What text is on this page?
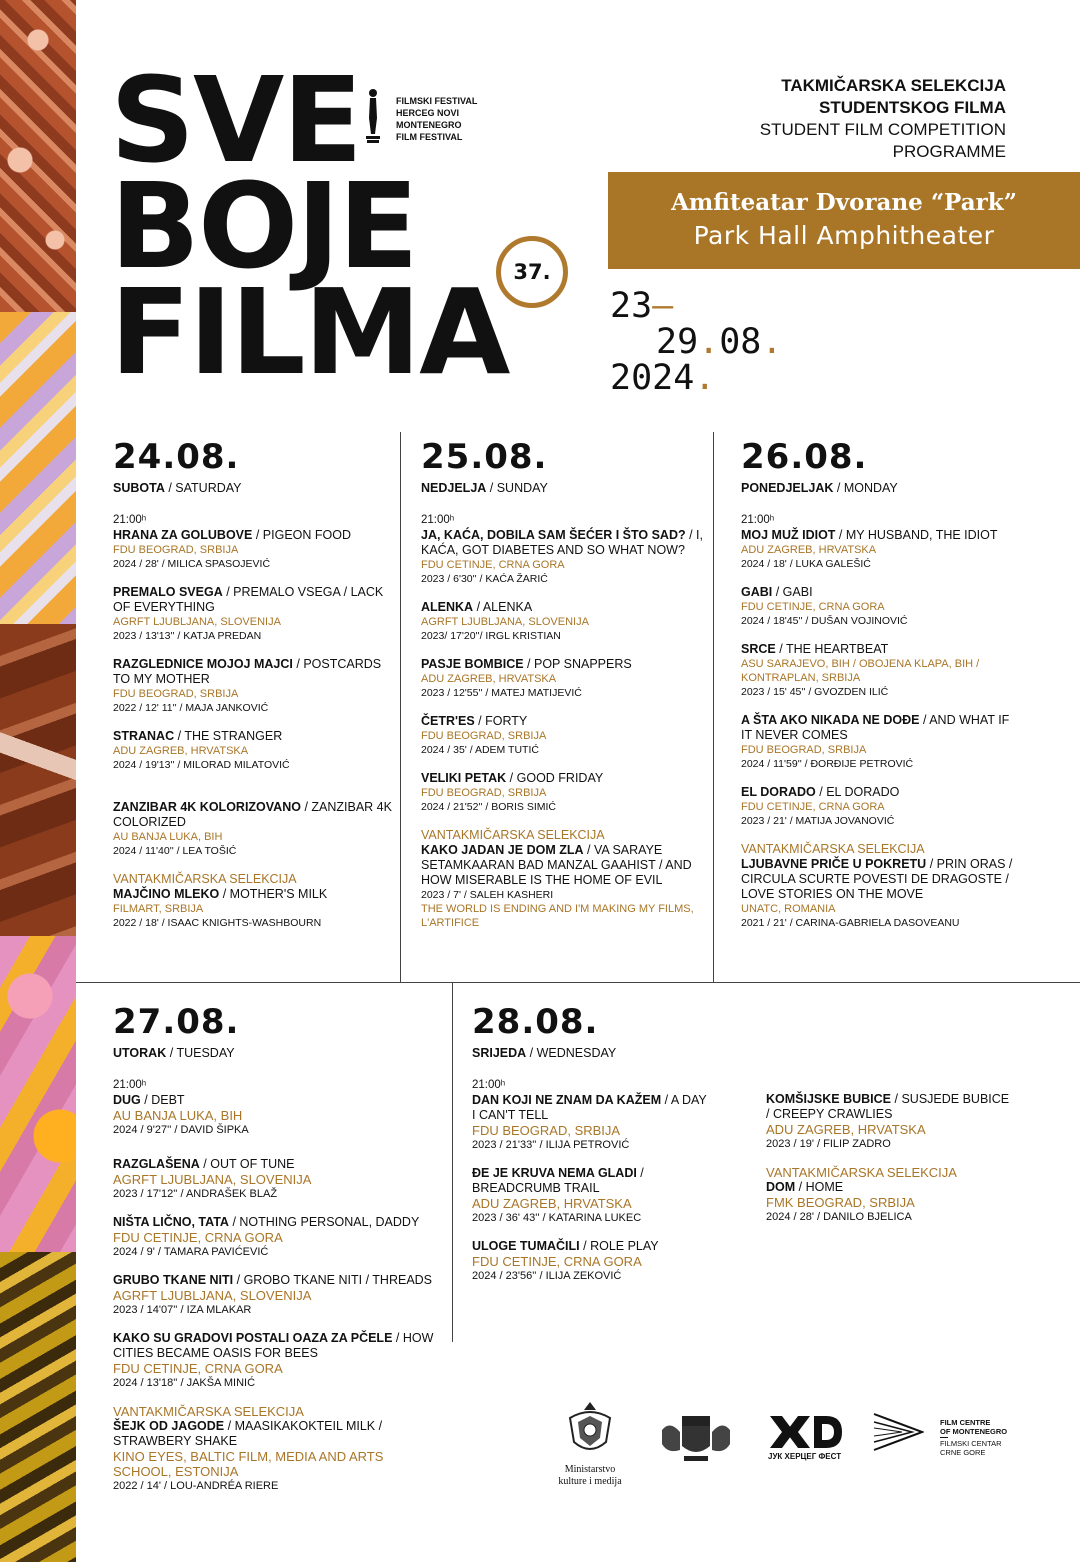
SVE
BOJE
FILMA
FILMSKI FESTIVAL
HERCEG NOVI
MONTENEGRO
FILM FESTIVAL
37.
TAKMIČARSKA SELEKCIJA
STUDENTSKOG FILMA
STUDENT FILM COMPETITION
PROGRAMME
Amfiteatar Dvorane “Park”
Park Hall Amphitheater
23–
29.08.
2024.
24.08.
SUBOTA / SATURDAY
21:00ʰ
HRANA ZA GOLUBOVE / PIGEON FOOD
FDU BEOGRAD, SRBIJA
2024 / 28' / MILICA SPASOJEVIĆ
PREMALO SVEGA / PREMALO VSEGA / LACK OF EVERYTHING
AGRFT LJUBLJANA, SLOVENIJA
2023 / 13'13'' / KATJA PREDAN
RAZGLEDNICE MOJOJ MAJCI / POSTCARDS TO MY MOTHER
FDU BEOGRAD, SRBIJA
2022 / 12' 11'' / MAJA JANKOVIĆ
STRANAC / THE STRANGER
ADU ZAGREB, HRVATSKA
2024 / 19'13'' / MILORAD MILATOVIĆ
ZANZIBAR 4K KOLORIZOVANO / ZANZIBAR 4K COLORIZED
AU BANJA LUKA, BIH
2024 / 11'40'' / LEA TOŠIĆ
VANTAKMIČARSKA SELEKCIJA
MAJČINO MLEKO / MOTHER'S MILK
FILMART, SRBIJA
2022 / 18' / ISAAC KNIGHTS-WASHBOURN
25.08.
NEDJELJA / SUNDAY
21:00ʰ
JA, KAĆA, DOBILA SAM ŠEĆER I ŠTO SAD? / I, KAĆA, GOT DIABETES AND SO WHAT NOW?
FDU CETINJE, CRNA GORA
2023 / 6'30'' / KAĆA ŽARIĆ
ALENKA / ALENKA
AGRFT LJUBLJANA, SLOVENIJA
2023/ 17'20''/ IRGL KRISTIAN
PASJE BOMBICE / POP SNAPPERS
ADU ZAGREB, HRVATSKA
2023 / 12'55'' / MATEJ MATIJEVIĆ
ČETR'ES / FORTY
FDU BEOGRAD, SRBIJA
2024 / 35' / ADEM TUTIĆ
VELIKI PETAK / GOOD FRIDAY
FDU BEOGRAD, SRBIJA
2024 / 21'52'' / BORIS SIMIĆ
VANTAKMIČARSKA SELEKCIJA
KAKO JADAN JE DOM ZLA / VA SARAYE SETAMKAARAN BAD MANZAL GAAHIST / AND HOW MISERABLE IS THE HOME OF EVIL
2023 / 7' / SALEH KASHERI
THE WORLD IS ENDING AND I'M MAKING MY FILMS, L'ARTIFICE
26.08.
PONEDJELJAK / MONDAY
21:00ʰ
MOJ MUŽ IDIOT / MY HUSBAND, THE IDIOT
ADU ZAGREB, HRVATSKA
2024 / 18' / LUKA GALEŠIĆ
GABI / GABI
FDU CETINJE, CRNA GORA
2024 / 18'45'' / DUŠAN VOJINOVIĆ
SRCE / THE HEARTBEAT
ASU SARAJEVO, BIH / OBOJENA KLAPA, BIH / KONTRAPLAN, SRBIJA
2023 / 15' 45'' / GVOZDEN ILIĆ
A ŠTA AKO NIKADA NE DOĐE / AND WHAT IF IT NEVER COMES
FDU BEOGRAD, SRBIJA
2024 / 11'59'' / ĐORĐIJE PETROVIĆ
EL DORADO / EL DORADO
FDU CETINJE, CRNA GORA
2023 / 21' / MATIJA JOVANOVIĆ
VANTAKMIČARSKA SELEKCIJA
LJUBAVNE PRIČE U POKRETU / PRIN ORAS / CIRCULA SCURTE POVESTI DE DRAGOSTE / LOVE STORIES ON THE MOVE
UNATC, ROMANIA
2021 / 21' / CARINA-GABRIELA DASOVEANU
27.08.
UTORAK / TUESDAY
21:00ʰ
DUG / DEBT
AU BANJA LUKA, BIH
2024 / 9'27'' / DAVID ŠIPKA
RAZGLAŠENA / OUT OF TUNE
AGRFT LJUBLJANA, SLOVENIJA
2023 / 17'12'' / ANDRAŠEK BLAŽ
NIŠTA LIČNO, TATA / NOTHING PERSONAL, DADDY
FDU CETINJE, CRNA GORA
2024 / 9' / TAMARA PAVIĆEVIĆ
GRUBO TKANE NITI / GROBO TKANE NITI / THREADS
AGRFT LJUBLJANA, SLOVENIJA
2023 / 14'07'' / IZA MLAKAR
KAKO SU GRADOVI POSTALI OAZA ZA PČELE / HOW CITIES BECAME OASIS FOR BEES
FDU CETINJE, CRNA GORA
2024 / 13'18'' / JAKŠA MINIĆ
VANTAKMIČARSKA SELEKCIJA
ŠEJK OD JAGODE / MAASIKAKOKTEIL MILK / STRAWBERY SHAKE
KINO EYES, BALTIC FILM, MEDIA AND ARTS SCHOOL, ESTONIJA
2022 / 14' / LOU-ANDRÉA RIERE
28.08.
SRIJEDA / WEDNESDAY
21:00ʰ
DAN KOJI NE ZNAM DA KAŽEM / A DAY I CAN'T TELL
FDU BEOGRAD, SRBIJA
2023 / 21'33'' / ILIJA PETROVIĆ
ĐE JE KRUVA NEMA GLADI / BREADCRUMB TRAIL
ADU ZAGREB, HRVATSKA
2023 / 36' 43'' / KATARINA LUKEC
ULOGE TUMAČILI / ROLE PLAY
FDU CETINJE, CRNA GORA
2024 / 23'56'' / ILIJA ZEKOVIĆ
KOMŠIJSKE BUBICE / SUSJEDE BUBICE / CREEPY CRAWLIES
ADU ZAGREB, HRVATSKA
2023 / 19' / FILIP ZADRO
VANTAKMIČARSKA SELEKCIJA
DOM / HOME
FMK BEOGRAD, SRBIJA
2024 / 28' / DANILO BJELICA
Ministarstvo kulture i medija
ЈУК ХЕРЦЕГ ФЕСТ
FILM CENTRE
OF MONTENEGRO
FILMSKI CENTAR
CRNE GORE
